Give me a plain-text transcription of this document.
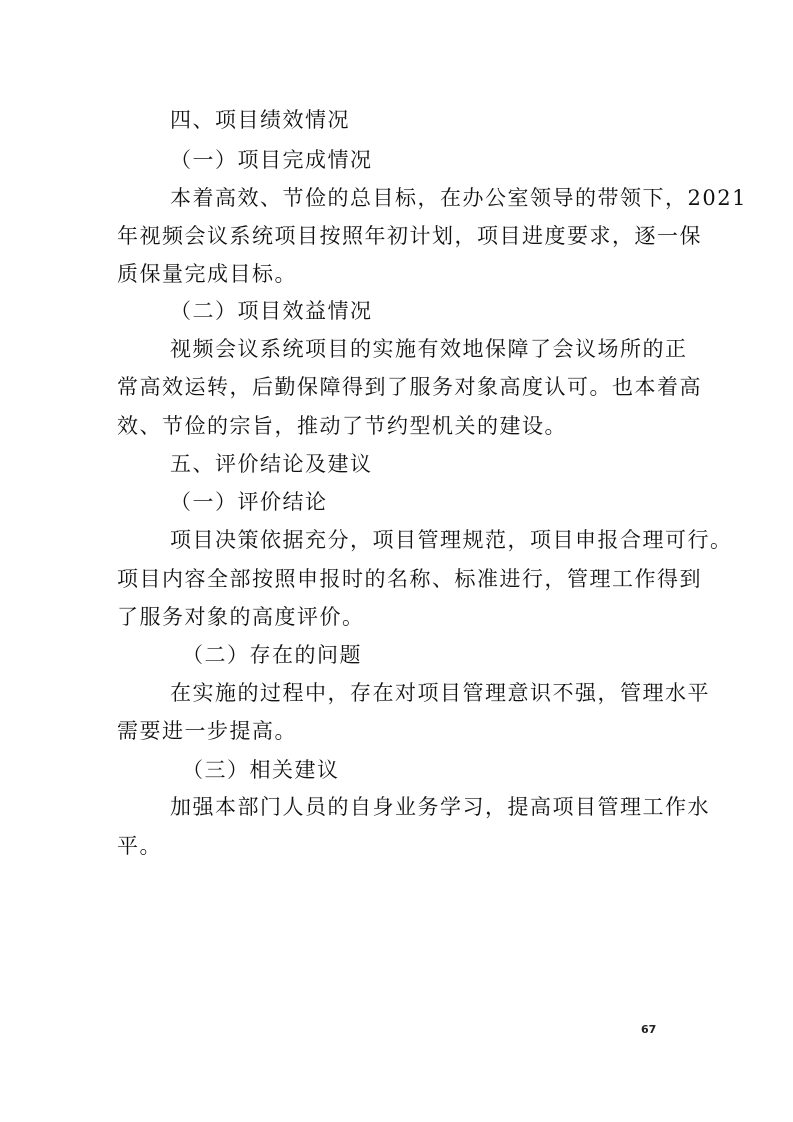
四、项目绩效情况
（一）项目完成情况
本着高效、节俭的总目标，在办公室领导的带领下，2021
年视频会议系统项目按照年初计划，项目进度要求，逐一保
质保量完成目标。
（二）项目效益情况
视频会议系统项目的实施有效地保障了会议场所的正
常高效运转，后勤保障得到了服务对象高度认可。也本着高
效、节俭的宗旨，推动了节约型机关的建设。
五、评价结论及建议
（一）评价结论
项目决策依据充分，项目管理规范，项目申报合理可行。
项目内容全部按照申报时的名称、标准进行，管理工作得到
了服务对象的高度评价。
（二）存在的问题
在实施的过程中，存在对项目管理意识不强，管理水平
需要进一步提高。
（三）相关建议
加强本部门人员的自身业务学习，提高项目管理工作水
平。
67
